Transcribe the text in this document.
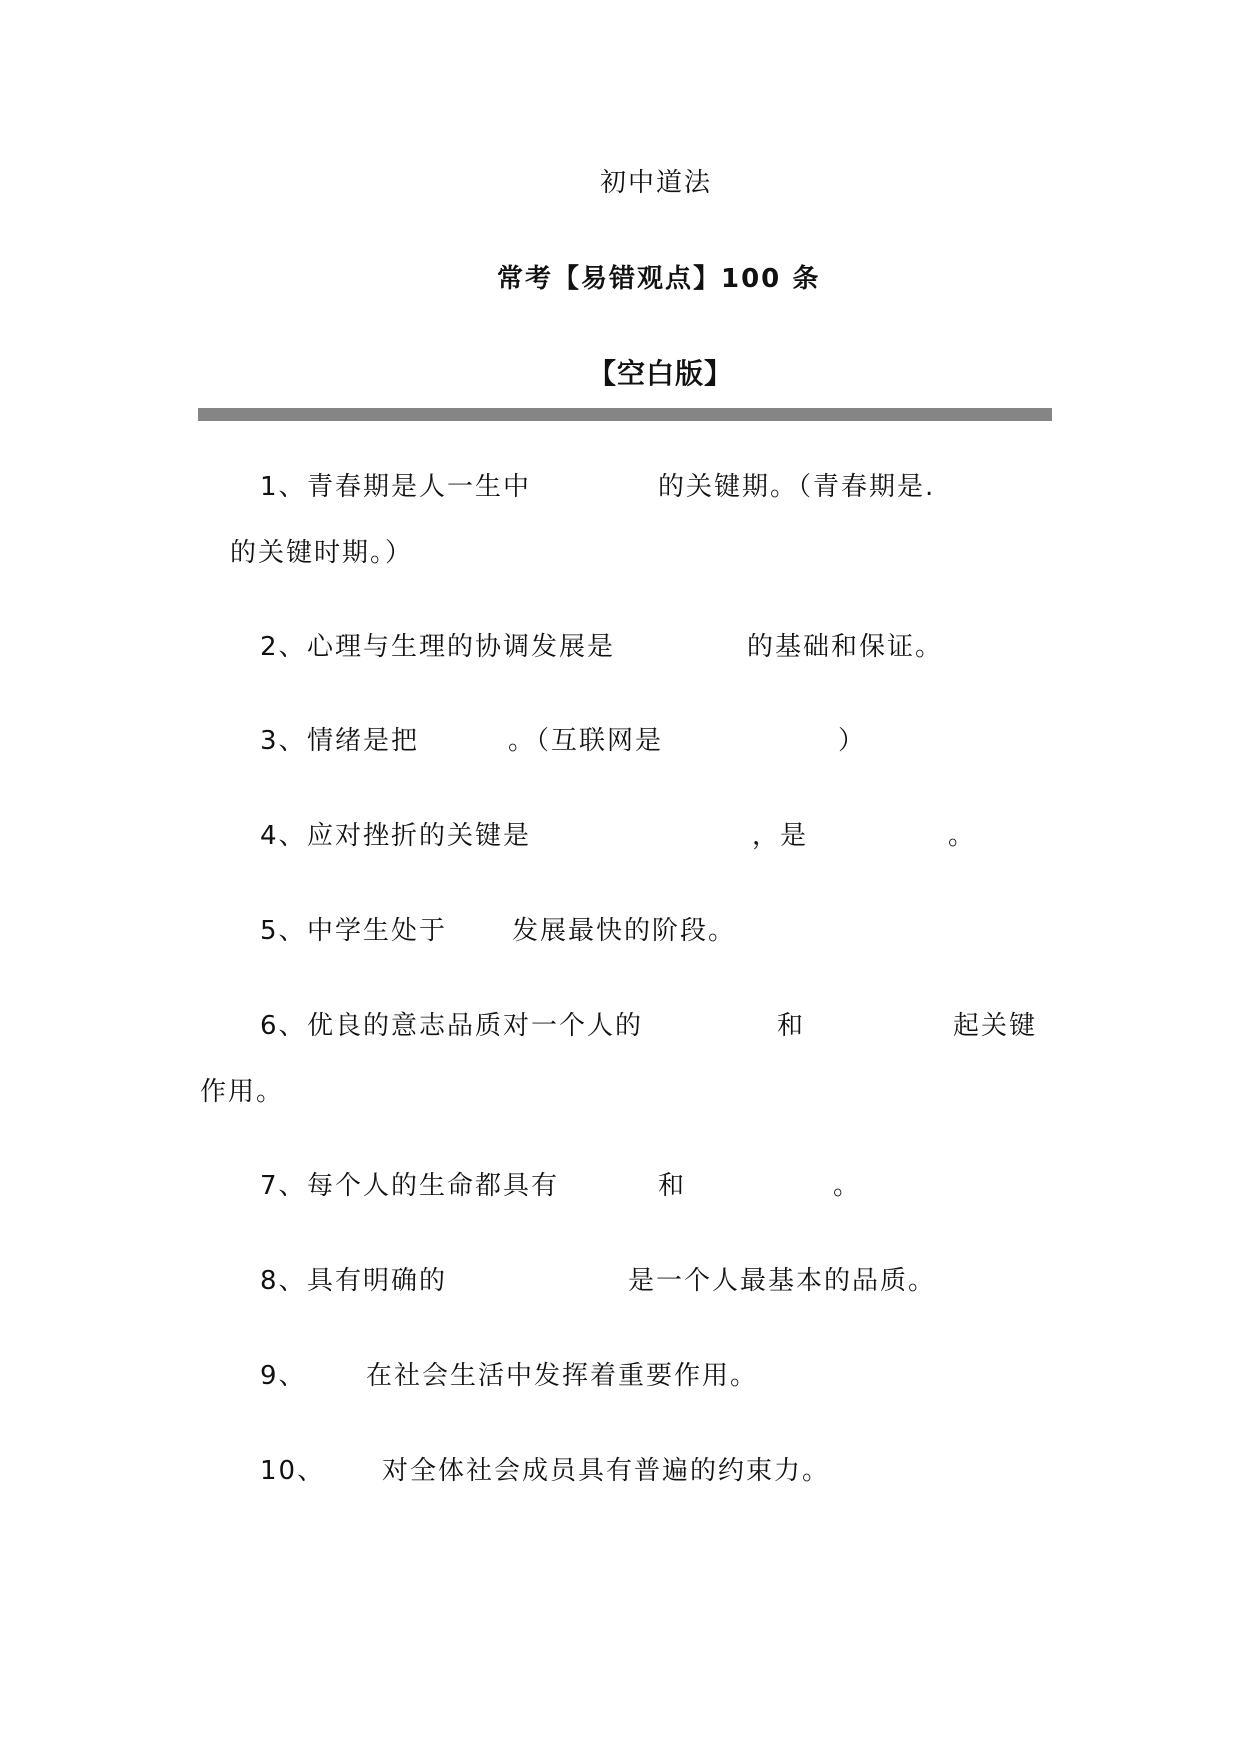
初中道法
常考【易错观点】100 条
【空白版】
1、 青春期是人一生中	的关键期。（青春期是.
的关键时期。）
2、 心理与生理的协调发展是	的基础和保证。
3、 情绪是把	。（互联网是	）
4、 应对挫折的关键是	，是	。
5、 中学生处于 发展最快的阶段。
6、 优良的意志品质对一个人的	和	起关键
作用。
7、 每个人的生命都具有	和	。
8、 具有明确的	是一个人最基本的品质。
9、 在社会生活中发挥着重要作用。
10、 对全体社会成员具有普遍的约束力。
